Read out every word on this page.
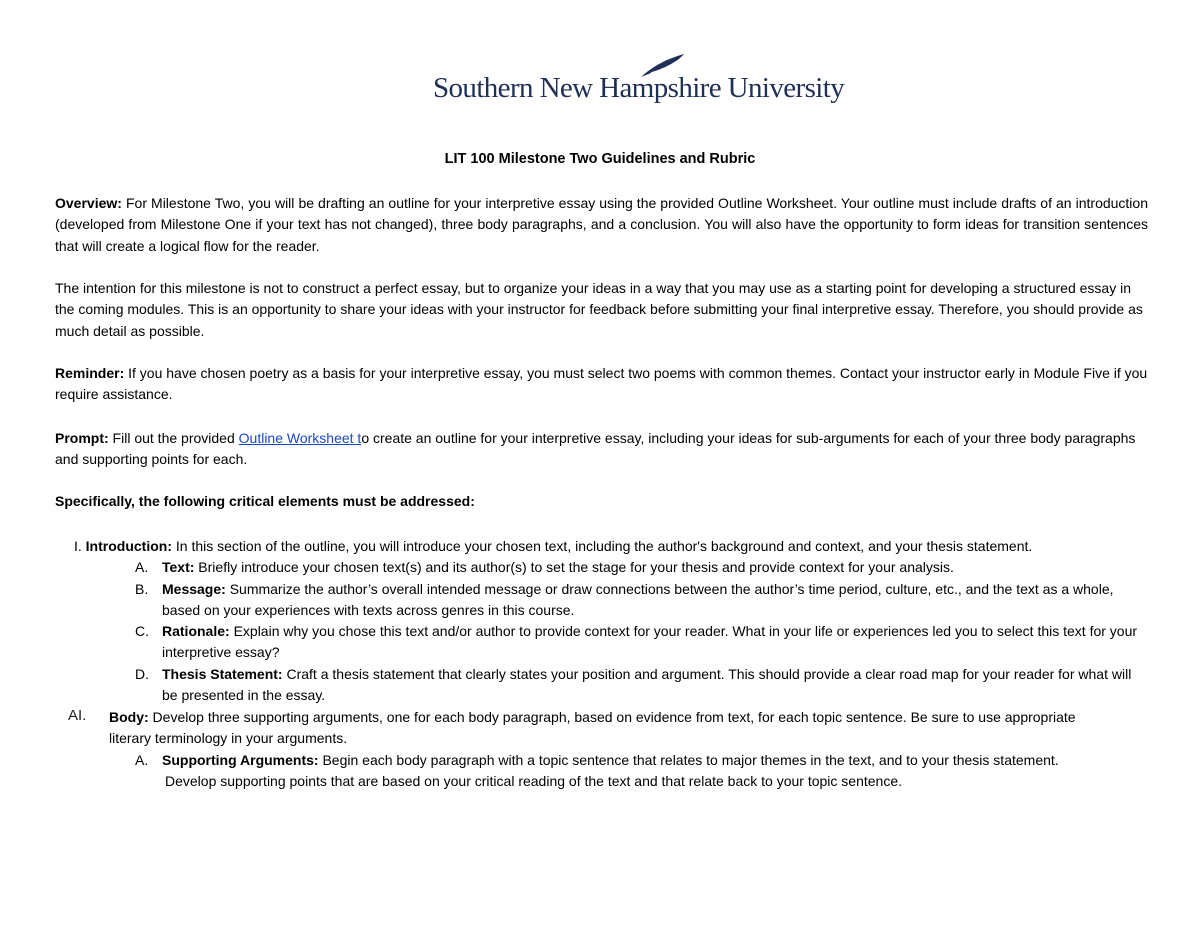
Southern New Hampshire University
LIT 100 Milestone Two Guidelines and Rubric

Overview: For Milestone Two, you will be drafting an outline for your interpretive essay using the provided Outline Worksheet. Your outline must include drafts of an introduction (developed from Milestone One if your text has not changed), three body paragraphs, and a conclusion. You will also have the opportunity to form ideas for transition sentences that will create a logical flow for the reader.

The intention for this milestone is not to construct a perfect essay, but to organize your ideas in a way that you may use as a starting point for developing a structured essay in the coming modules. This is an opportunity to share your ideas with your instructor for feedback before submitting your final interpretive essay. Therefore, you should provide as much detail as possible.

Reminder: If you have chosen poetry as a basis for your interpretive essay, you must select two poems with common themes. Contact your instructor early in Module Five if you require assistance.

Prompt: Fill out the provided Outline Worksheet to create an outline for your interpretive essay, including your ideas for sub-arguments for each of your three body paragraphs and supporting points for each.

Specifically, the following critical elements must be addressed:

I. Introduction: In this section of the outline, you will introduce your chosen text, including the author's background and context, and your thesis statement.
A. Text: Briefly introduce your chosen text(s) and its author(s) to set the stage for your thesis and provide context for your analysis.
B. Message: Summarize the author’s overall intended message or draw connections between the author’s time period, culture, etc., and the text as a whole, based on your experiences with texts across genres in this course.
C. Rationale: Explain why you chose this text and/or author to provide context for your reader. What in your life or experiences led you to select this text for your interpretive essay?
D. Thesis Statement: Craft a thesis statement that clearly states your position and argument. This should provide a clear road map for your reader for what will be presented in the essay.
AI. Body: Develop three supporting arguments, one for each body paragraph, based on evidence from text, for each topic sentence. Be sure to use appropriate literary terminology in your arguments.
A. Supporting Arguments: Begin each body paragraph with a topic sentence that relates to major themes in the text, and to your thesis statement.
Develop supporting points that are based on your critical reading of the text and that relate back to your topic sentence.
